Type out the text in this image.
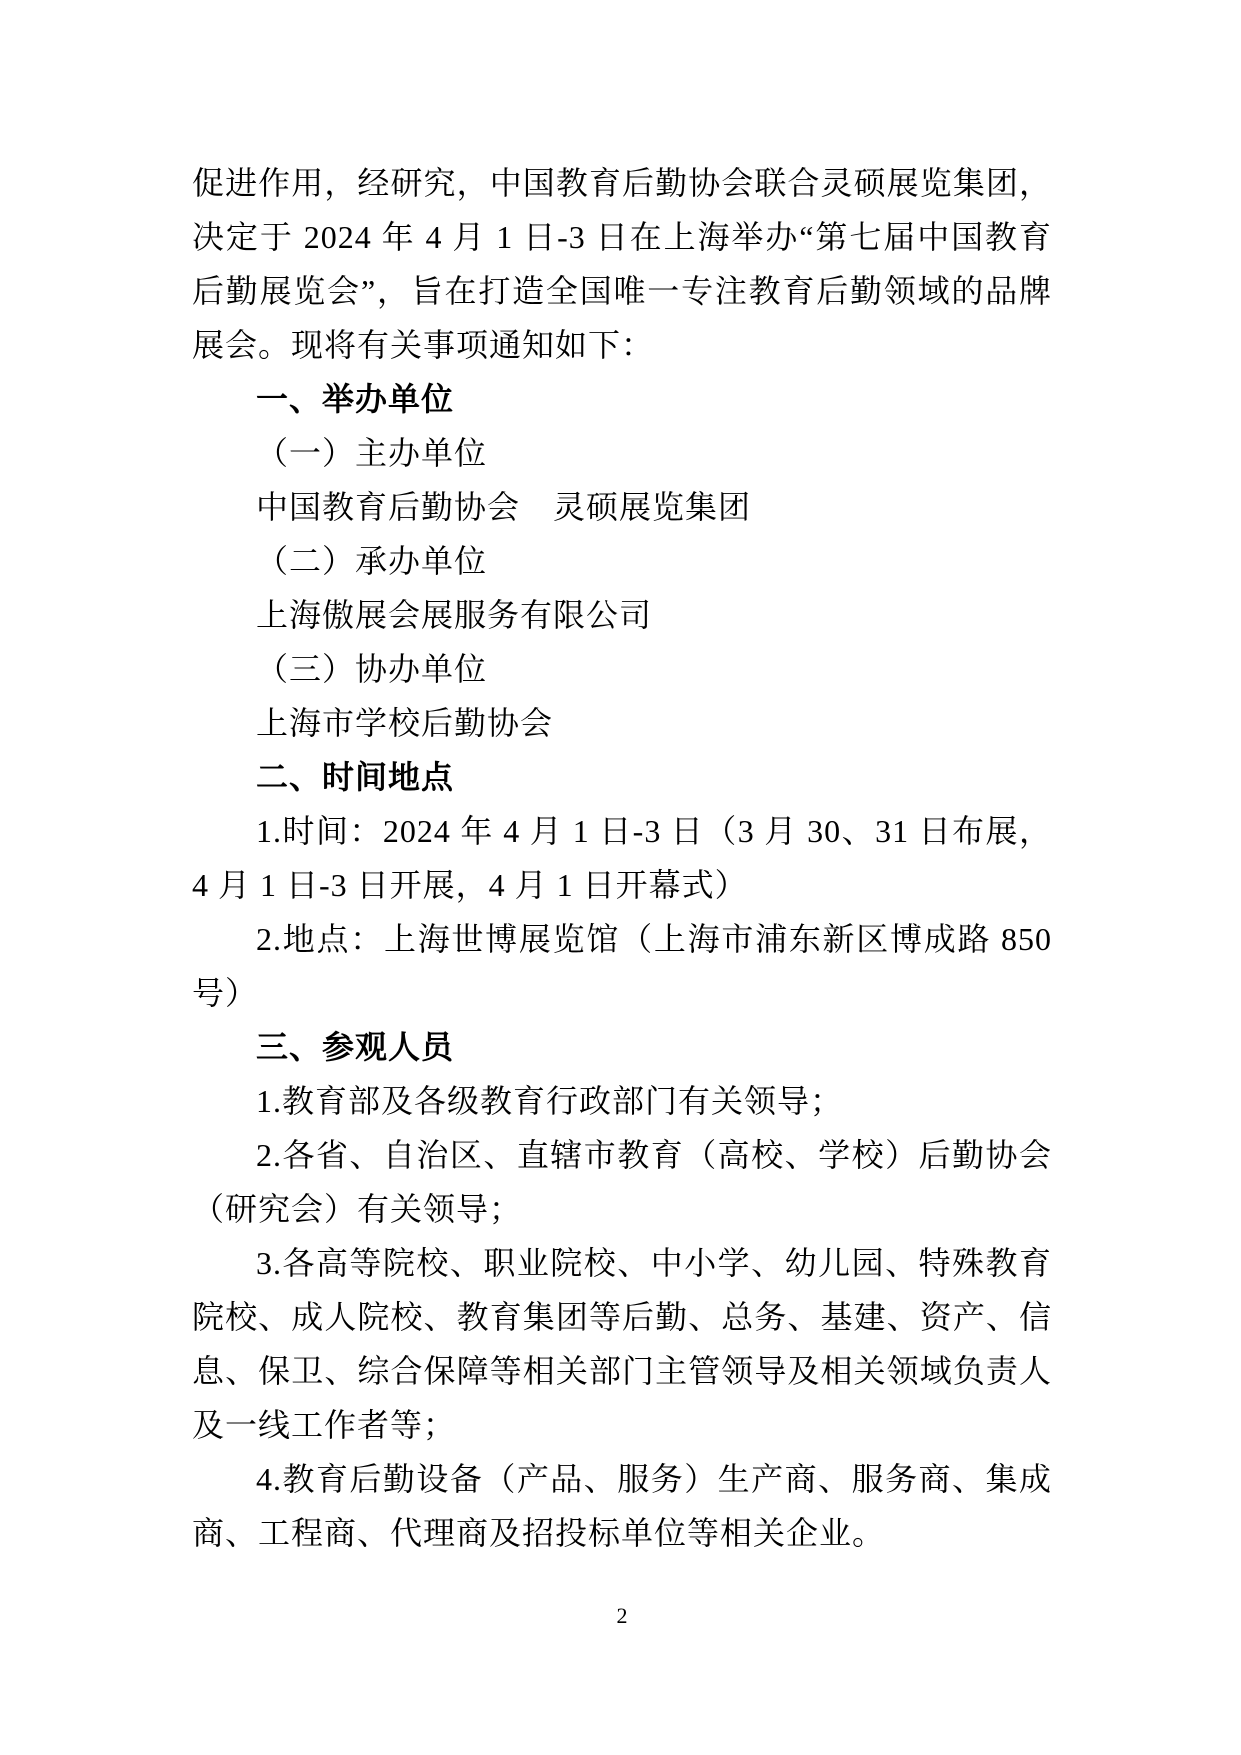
促进作用，经研究，中国教育后勤协会联合灵硕展览集团，决定于 2024 年 4 月 1 日-3 日在上海举办“第七届中国教育后勤展览会”，旨在打造全国唯一专注教育后勤领域的品牌展会。现将有关事项通知如下：

一、举办单位

（一）主办单位

中国教育后勤协会　灵硕展览集团

（二）承办单位

上海傲展会展服务有限公司

（三）协办单位

上海市学校后勤协会

二、时间地点

1.时间：2024 年 4 月 1 日-3 日（3 月 30、31 日布展，4 月 1 日-3 日开展，4 月 1 日开幕式）

2.地点：上海世博展览馆（上海市浦东新区博成路 850 号）

三、参观人员

1.教育部及各级教育行政部门有关领导；

2.各省、自治区、直辖市教育（高校、学校）后勤协会（研究会）有关领导；

3.各高等院校、职业院校、中小学、幼儿园、特殊教育院校、成人院校、教育集团等后勤、总务、基建、资产、信息、保卫、综合保障等相关部门主管领导及相关领域负责人及一线工作者等；

4.教育后勤设备（产品、服务）生产商、服务商、集成商、工程商、代理商及招投标单位等相关企业。

2
